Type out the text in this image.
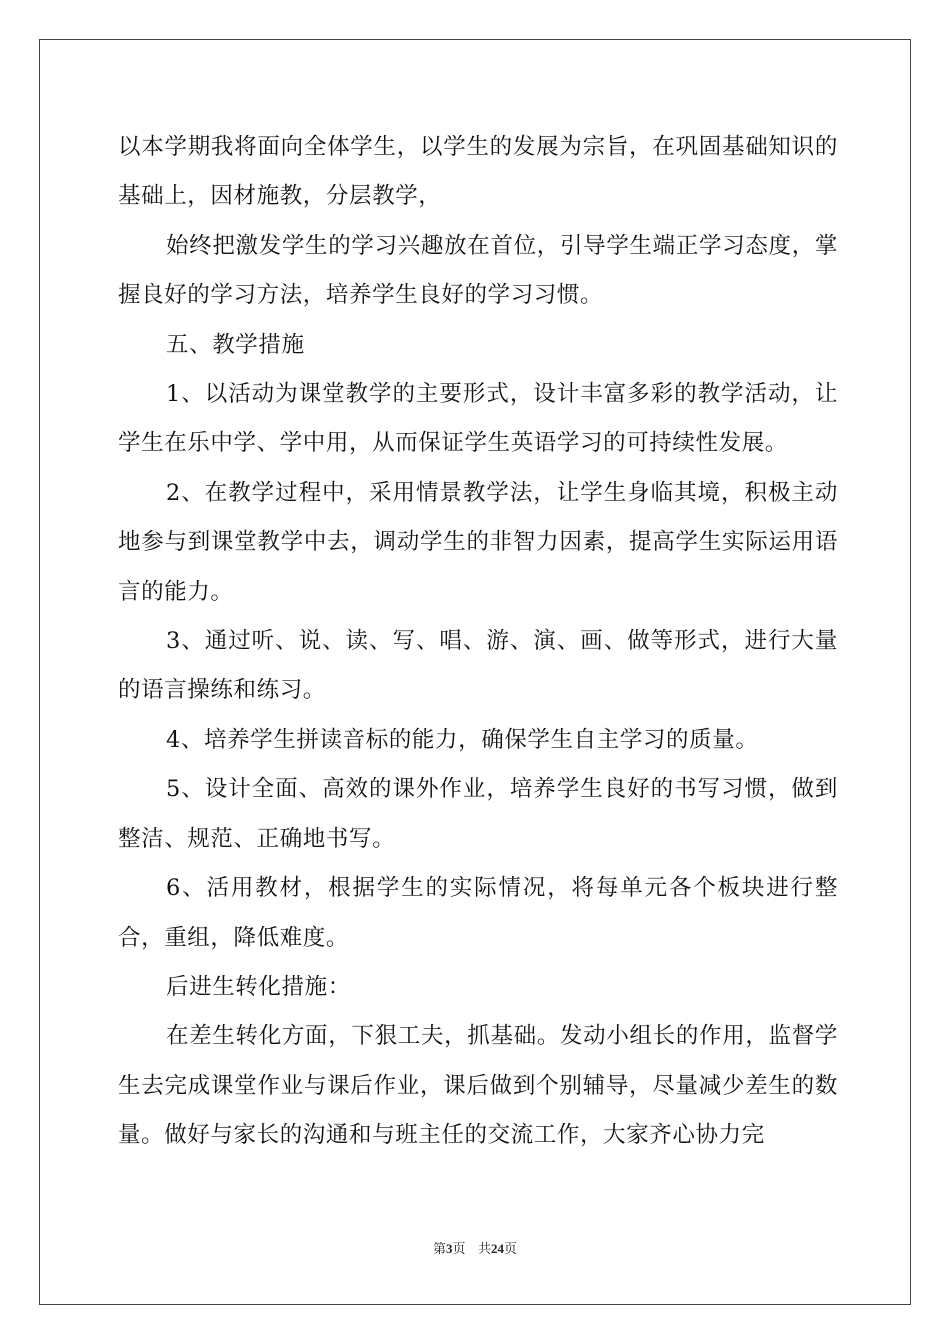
以本学期我将面向全体学生，以学生的发展为宗旨，在巩固基础知识的基础上，因材施教，分层教学，

始终把激发学生的学习兴趣放在首位，引导学生端正学习态度，掌握良好的学习方法，培养学生良好的学习习惯。

五、教学措施

1、以活动为课堂教学的主要形式，设计丰富多彩的教学活动，让学生在乐中学、学中用，从而保证学生英语学习的可持续性发展。

2、在教学过程中，采用情景教学法，让学生身临其境，积极主动地参与到课堂教学中去，调动学生的非智力因素，提高学生实际运用语言的能力。

3、通过听、说、读、写、唱、游、演、画、做等形式，进行大量的语言操练和练习。

4、培养学生拼读音标的能力，确保学生自主学习的质量。

5、设计全面、高效的课外作业，培养学生良好的书写习惯，做到整洁、规范、正确地书写。

6、活用教材，根据学生的实际情况，将每单元各个板块进行整合，重组，降低难度。

后进生转化措施：

在差生转化方面，下狠工夫，抓基础。发动小组长的作用，监督学生去完成课堂作业与课后作业，课后做到个别辅导，尽量减少差生的数量。做好与家长的沟通和与班主任的交流工作，大家齐心协力完

第3页 共24页
